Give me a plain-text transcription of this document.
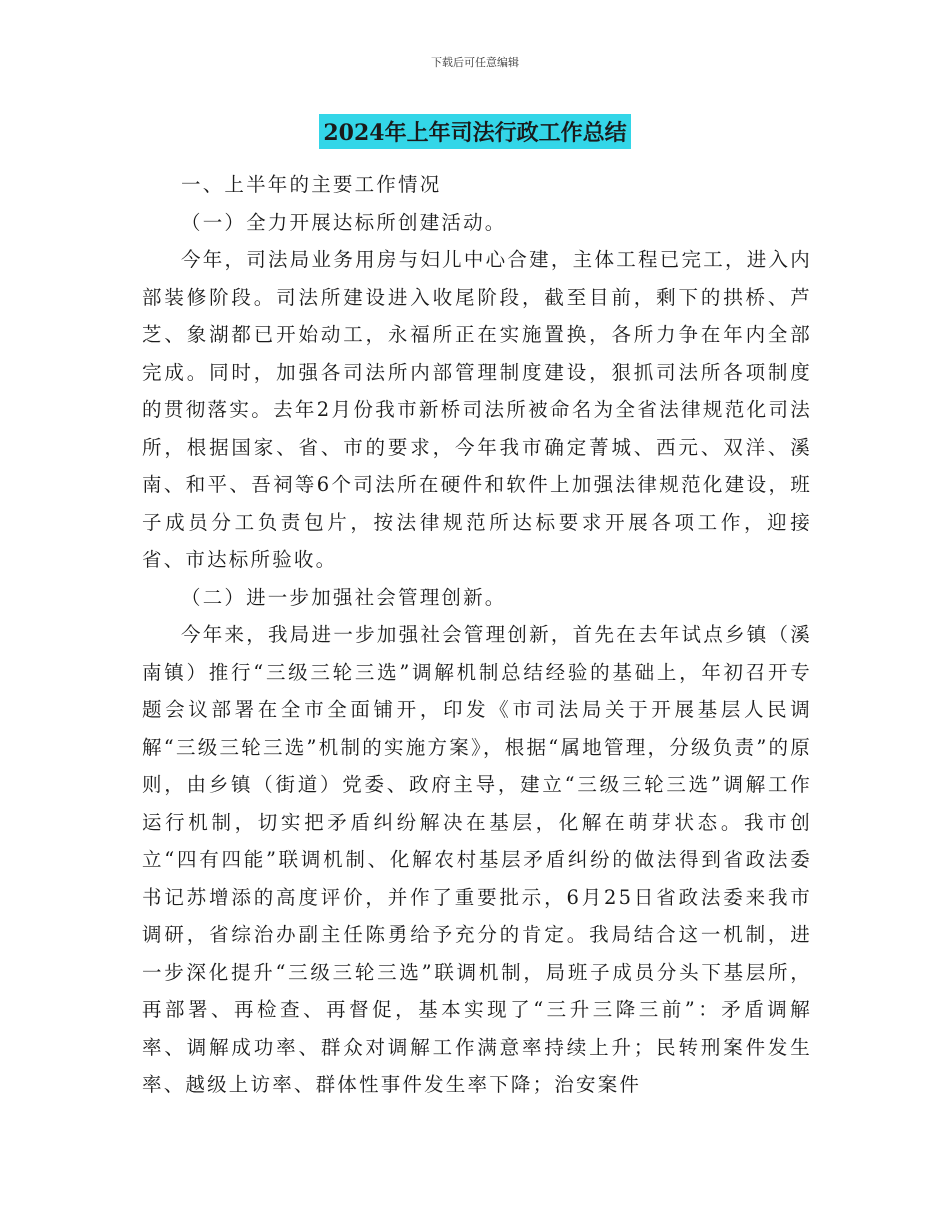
下载后可任意编辑
2024年上年司法行政工作总结

一、上半年的主要工作情况

（一）全力开展达标所创建活动。

今年，司法局业务用房与妇儿中心合建，主体工程已完工，进入内部装修阶段。司法所建设进入收尾阶段，截至目前，剩下的拱桥、芦芝、象湖都已开始动工，永福所正在实施置换，各所力争在年内全部完成。同时，加强各司法所内部管理制度建设，狠抓司法所各项制度的贯彻落实。去年2月份我市新桥司法所被命名为全省法律规范化司法所，根据国家、省、市的要求，今年我市确定菁城、西元、双洋、溪南、和平、吾祠等6个司法所在硬件和软件上加强法律规范化建设，班子成员分工负责包片，按法律规范所达标要求开展各项工作，迎接省、市达标所验收。

（二）进一步加强社会管理创新。

今年来，我局进一步加强社会管理创新，首先在去年试点乡镇（溪南镇）推行“三级三轮三选”调解机制总结经验的基础上，年初召开专题会议部署在全市全面铺开，印发《市司法局关于开展基层人民调解“三级三轮三选”机制的实施方案》，根据“属地管理，分级负责”的原则，由乡镇（街道）党委、政府主导，建立“三级三轮三选”调解工作运行机制，切实把矛盾纠纷解决在基层，化解在萌芽状态。我市创立“四有四能”联调机制、化解农村基层矛盾纠纷的做法得到省政法委书记苏增添的高度评价，并作了重要批示，6月25日省政法委来我市调研，省综治办副主任陈勇给予充分的肯定。我局结合这一机制，进一步深化提升“三级三轮三选”联调机制，局班子成员分头下基层所，再部署、再检查、再督促，基本实现了“三升三降三前”：矛盾调解率、调解成功率、群众对调解工作满意率持续上升；民转刑案件发生率、越级上访率、群体性事件发生率下降；治安案件
